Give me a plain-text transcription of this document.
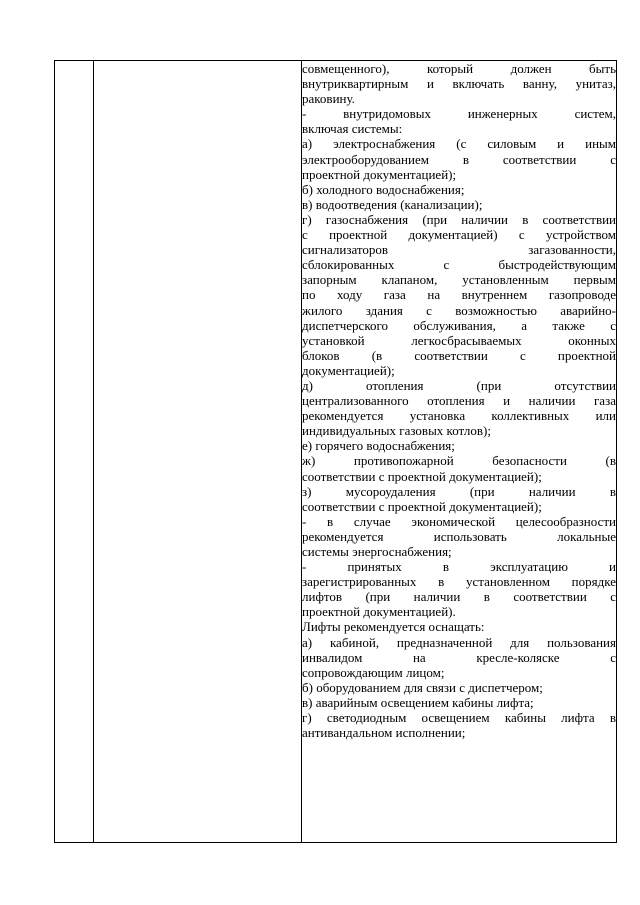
совмещенного), который должен быть
внутриквартирным и включать ванну, унитаз,
раковину.
- внутридомовых инженерных систем,
включая системы:
а) электроснабжения (с силовым и иным
электрооборудованием в соответствии с
проектной документацией);
б) холодного водоснабжения;
в) водоотведения (канализации);
г) газоснабжения (при наличии в соответствии
с проектной документацией) с устройством
сигнализаторов загазованности,
сблокированных с быстродействующим
запорным клапаном, установленным первым
по ходу газа на внутреннем газопроводе
жилого здания с возможностью аварийно-
диспетчерского обслуживания, а также с
установкой легкосбрасываемых оконных
блоков (в соответствии с проектной
документацией);
д) отопления (при отсутствии
централизованного отопления и наличии газа
рекомендуется установка коллективных или
индивидуальных газовых котлов);
е) горячего водоснабжения;
ж) противопожарной безопасности (в
соответствии с проектной документацией);
з) мусороудаления (при наличии в
соответствии с проектной документацией);
- в случае экономической целесообразности
рекомендуется использовать локальные
системы энергоснабжения;
- принятых в эксплуатацию и
зарегистрированных в установленном порядке
лифтов (при наличии в соответствии с
проектной документацией).
Лифты рекомендуется оснащать:
а) кабиной, предназначенной для пользования
инвалидом на кресле-коляске с
сопровождающим лицом;
б) оборудованием для связи с диспетчером;
в) аварийным освещением кабины лифта;
г) светодиодным освещением кабины лифта в
антивандальном исполнении;
